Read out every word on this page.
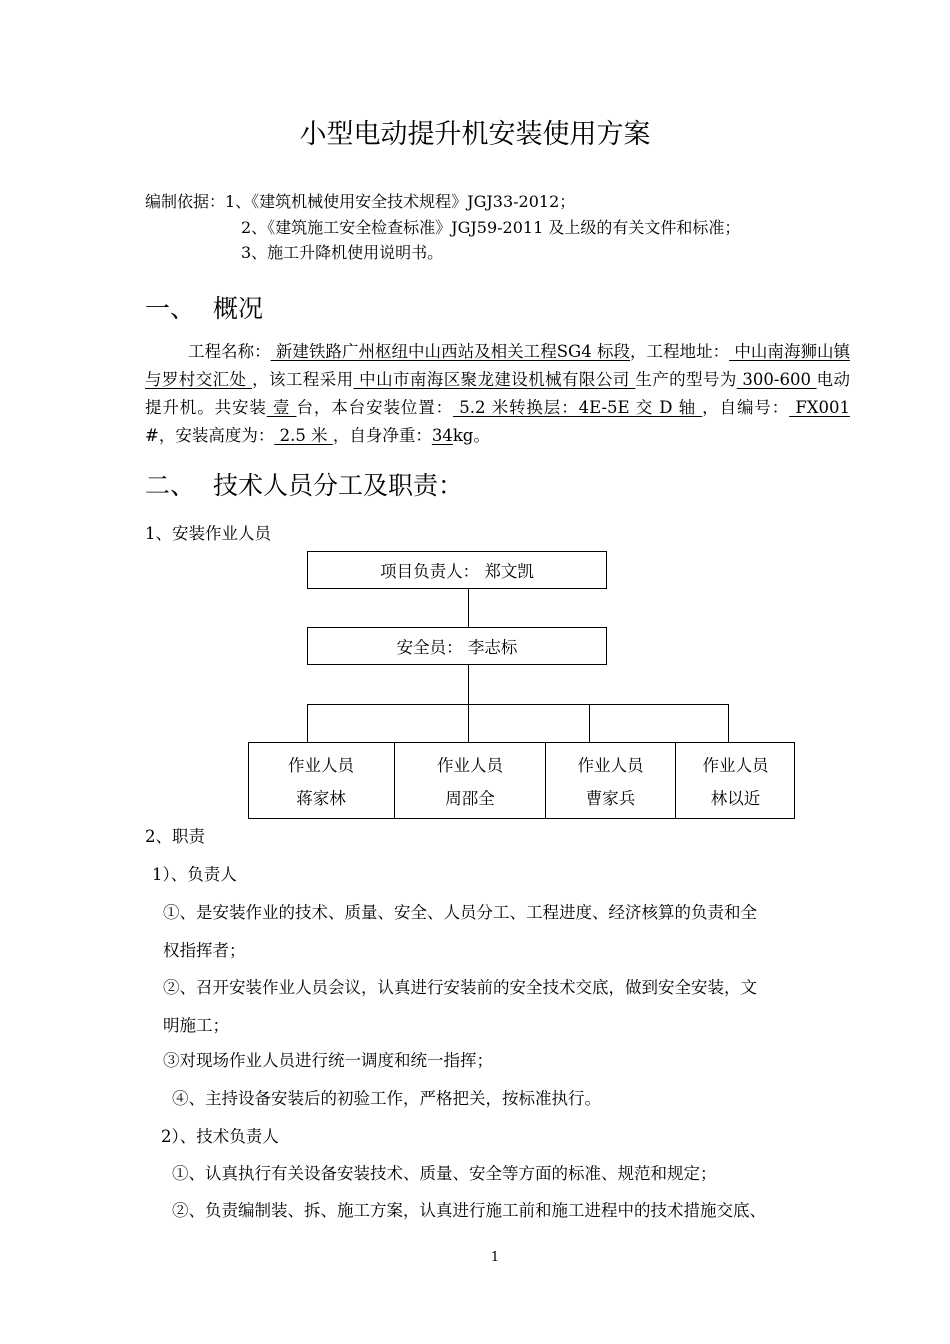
小型电动提升机安装使用方案
编制依据： 1、《建筑机械使用安全技术规程》JGJ33-2012；
2、《建筑施工安全检查标准》JGJ59-2011 及上级的有关文件和标准；
3、施工升降机使用说明书。
一、 概况
工程名称： 新建铁路广州枢纽中山西站及相关工程SG4 标段，工程地址： 中山南海狮山镇与罗村交汇处 ，该工程采用 中山市南海区聚龙建设机械有限公司 生产的型号为 300-600 电动提升机。共安装 壹 台，本台安装位置： 5.2 米转换层：4E-5E 交 D 轴 ，自编号： FX001 #，安装高度为： 2.5 米 ，自身净重：34kg。
二、 技术人员分工及职责：
1、安装作业人员
项目负责人： 郑文凯
安全员： 李志标
作业人员
蒋家林
作业人员
周邵全
作业人员
曹家兵
作业人员
林以近
2、职责
1）、负责人
①、是安装作业的技术、质量、安全、人员分工、工程进度、经济核算的负责和全
权指挥者；
②、召开安装作业人员会议，认真进行安装前的安全技术交底，做到安全安装，文
明施工；
③对现场作业人员进行统一调度和统一指挥；
④、主持设备安装后的初验工作，严格把关，按标准执行。
2）、技术负责人
①、认真执行有关设备安装技术、质量、安全等方面的标准、规范和规定；
②、负责编制装、拆、施工方案，认真进行施工前和施工进程中的技术措施交底、
1
